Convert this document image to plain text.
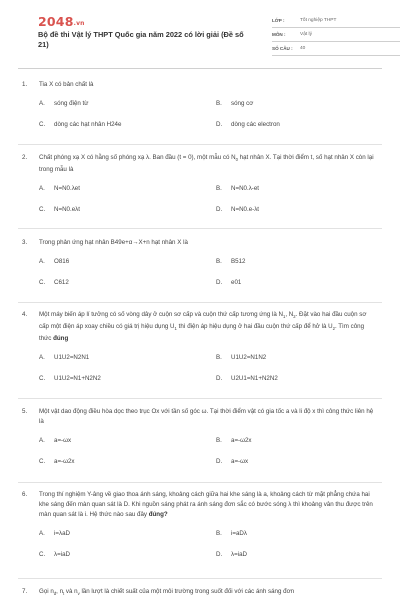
2048.vn
Bộ đề thi Vật lý THPT Quốc gia năm 2022 có lời giải (Đề số 21)
LỚP :	Tốt nghiệp THPT
MÔN :	Vật lý
SỐ CÂU :	40
1.	Tia X có bản chất là
A.	sóng điện từ	B.	sóng cơ
C.	dòng các hạt nhân H24e	D.	dòng các electron
2.	Chất phóng xạ X có hằng số phóng xạ λ. Ban đầu (t = 0), một mẫu có $N_0$ hạt nhân X. Tại thời điểm t, số hạt nhân X còn lại trong mẫu là
A.	N=N0.λet	B.	N=N0.λ-et
C.	N=N0.eλt	D.	N=N0.e-λt
3.	Trong phản ứng hạt nhân B49e+α→X+n hạt nhân X là
A.	O816	B.	B512
C.	C612	D.	e01
4.	Một máy biến áp lí tưởng có số vòng dây ở cuộn sơ cấp và cuộn thứ cấp tương ứng là $N_1$, $N_2$. Đặt vào hai đầu cuộn sơ cấp một điện áp xoay chiều có giá trị hiệu dụng $U_1$ thì điện áp hiệu dụng ở hai đầu cuộn thứ cấp để hở là $U_2$. Tìm công thức đúng
A.	U1U2=N2N1	B.	U1U2=N1N2
C.	U1U2=N1+N2N2	D.	U2U1=N1+N2N2
5.	Một vật dao động điều hòa dọc theo trục Ox với tần số góc ω. Tại thời điểm vật có gia tốc a và li độ x thì công thức liên hệ là
A.	a=-ωx	B.	a=-ω2x
C.	a=-ω2x	D.	a=-ωx
6.	Trong thí nghiệm Y-âng về giao thoa ánh sáng, khoảng cách giữa hai khe sáng là a, khoảng cách từ mặt phẳng chứa hai khe sáng đến màn quan sát là D. Khi nguồn sáng phát ra ánh sáng đơn sắc có bước sóng λ thì khoảng vân thu được trên màn quan sát là i. Hệ thức nào sau đây đúng?
A.	i=λaD	B.	i=aDλ
C.	λ=iaD	D.	λ=iaD
7.	Gọi $n_đ$, $n_t$ và $n_v$ lần lượt là chiết suất của một môi trường trong suốt đối với các ánh sáng đơn
